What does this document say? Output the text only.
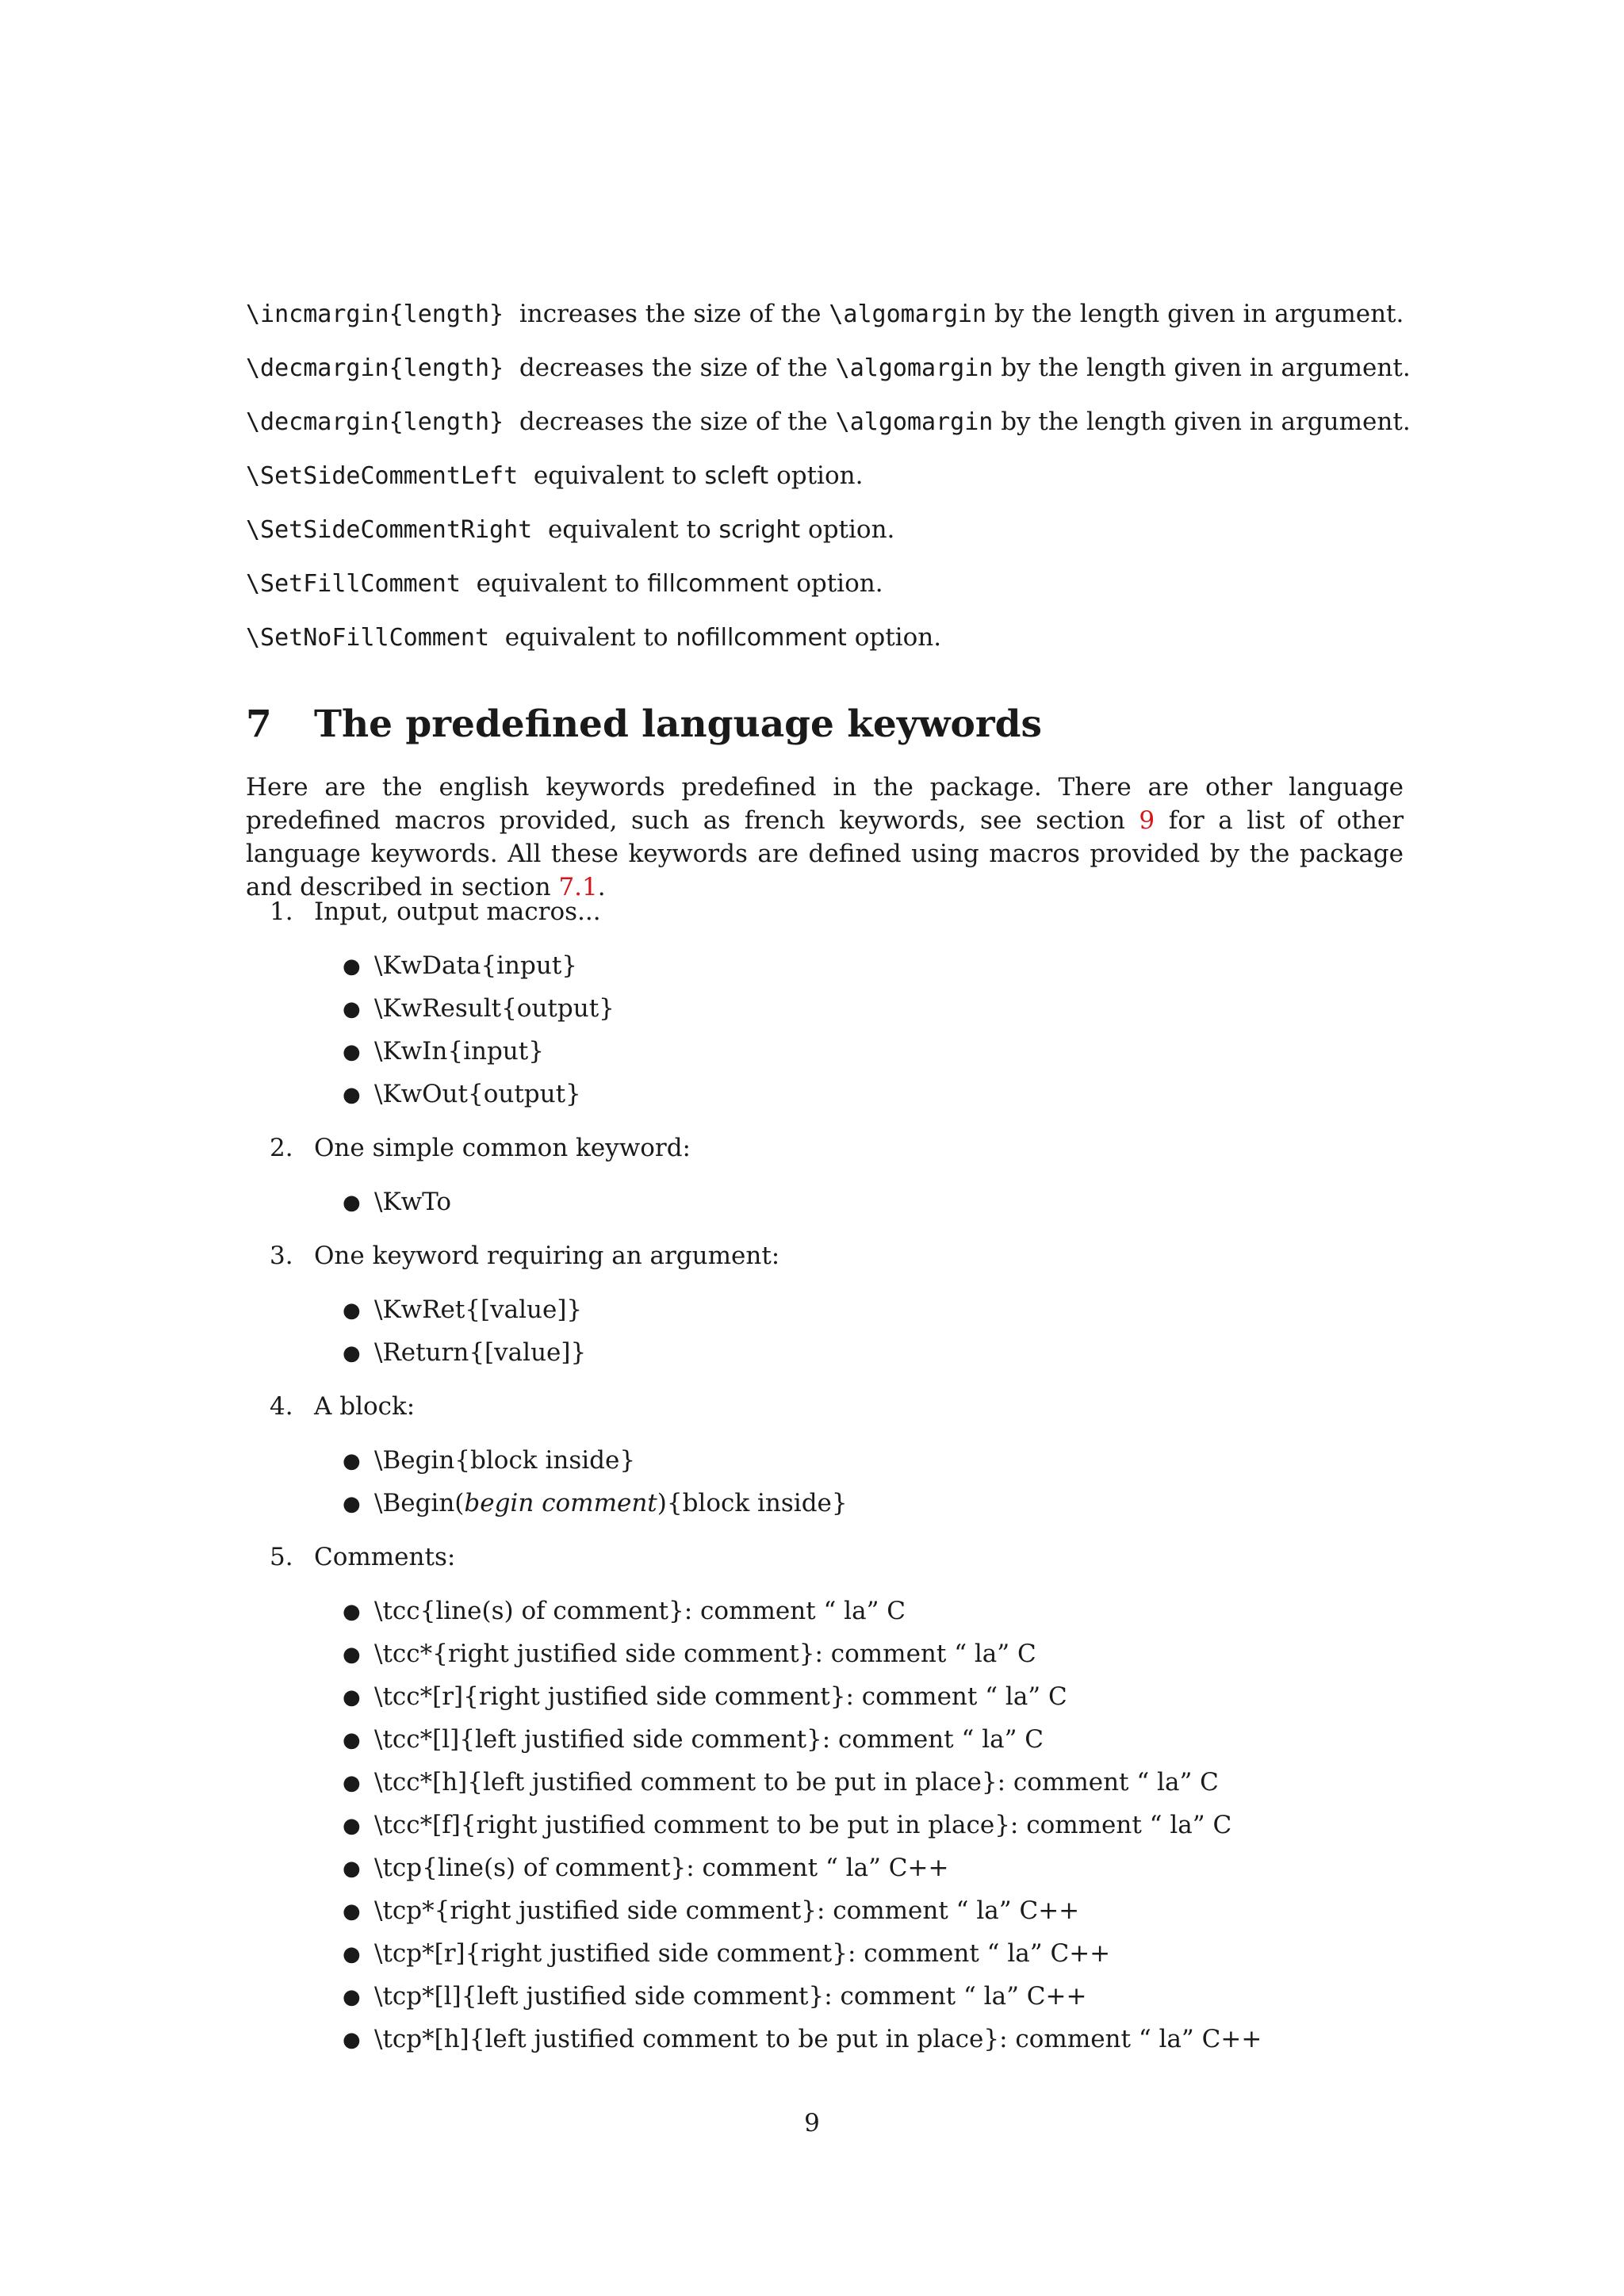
\incmargin{length} increases the size of the \algomargin by the length given in argument.
\decmargin{length} decreases the size of the \algomargin by the length given in argument.
\decmargin{length} decreases the size of the \algomargin by the length given in argument.
\SetSideCommentLeft equivalent to scleft option.
\SetSideCommentRight equivalent to scright option.
\SetFillComment equivalent to fillcomment option.
\SetNoFillComment equivalent to nofillcomment option.
7 The predefined language keywords
Here are the english keywords predefined in the package. There are other language predefined macros provided, such as french keywords, see section 9 for a list of other language keywords. All these keywords are defined using macros provided by the package and described in section 7.1.
1. Input, output macros...
● \KwData{input}
● \KwResult{output}
● \KwIn{input}
● \KwOut{output}
2. One simple common keyword:
● \KwTo
3. One keyword requiring an argument:
● \KwRet{[value]}
● \Return{[value]}
4. A block:
● \Begin{block inside}
● \Begin(begin comment){block inside}
5. Comments:
● \tcc{line(s) of comment}: comment “ la” C
● \tcc*{right justified side comment}: comment “ la” C
● \tcc*[r]{right justified side comment}: comment “ la” C
● \tcc*[l]{left justified side comment}: comment “ la” C
● \tcc*[h]{left justified comment to be put in place}: comment “ la” C
● \tcc*[f]{right justified comment to be put in place}: comment “ la” C
● \tcp{line(s) of comment}: comment “ la” C++
● \tcp*{right justified side comment}: comment “ la” C++
● \tcp*[r]{right justified side comment}: comment “ la” C++
● \tcp*[l]{left justified side comment}: comment “ la” C++
● \tcp*[h]{left justified comment to be put in place}: comment “ la” C++
9
